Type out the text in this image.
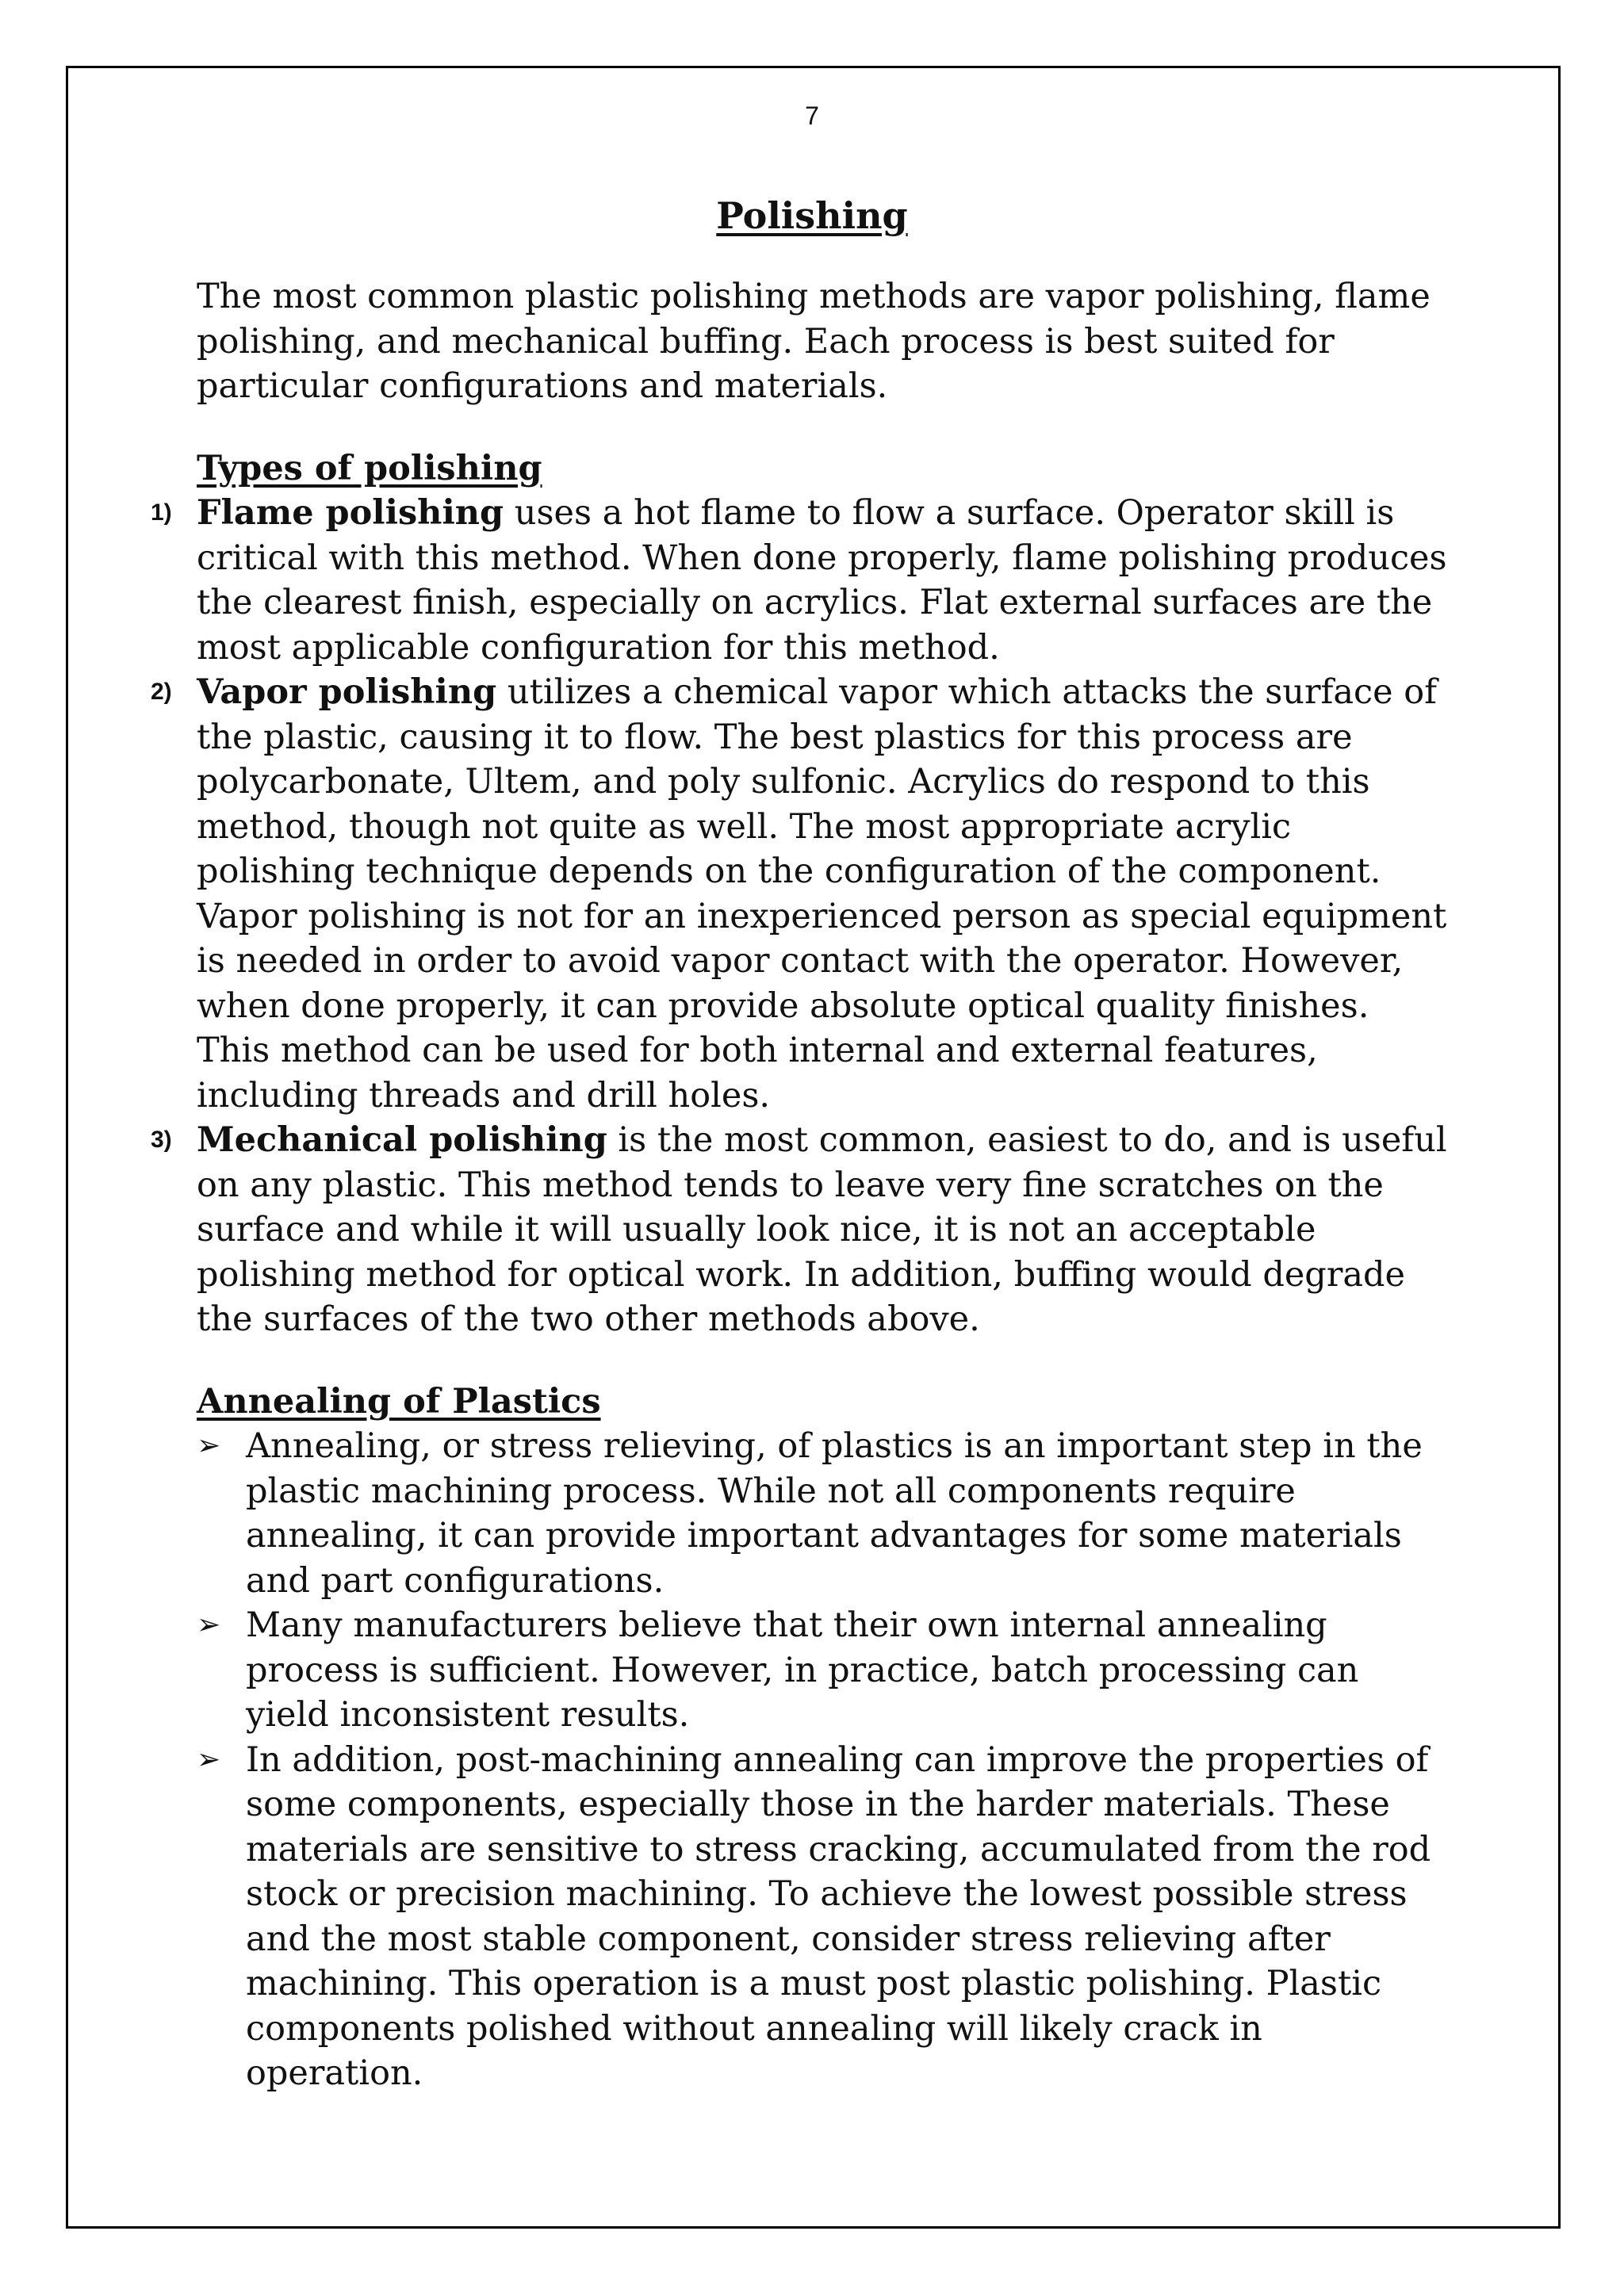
7
Polishing

The most common plastic polishing methods are vapor polishing, flame polishing, and mechanical buffing. Each process is best suited for particular configurations and materials.

Types of polishing

1) Flame polishing uses a hot flame to flow a surface. Operator skill is critical with this method. When done properly, flame polishing produces the clearest finish, especially on acrylics. Flat external surfaces are the most applicable configuration for this method.
2) Vapor polishing utilizes a chemical vapor which attacks the surface of the plastic, causing it to flow. The best plastics for this process are polycarbonate, Ultem, and poly sulfonic. Acrylics do respond to this method, though not quite as well. The most appropriate acrylic polishing technique depends on the configuration of the component. Vapor polishing is not for an inexperienced person as special equipment is needed in order to avoid vapor contact with the operator. However, when done properly, it can provide absolute optical quality finishes. This method can be used for both internal and external features, including threads and drill holes.
3) Mechanical polishing is the most common, easiest to do, and is useful on any plastic. This method tends to leave very fine scratches on the surface and while it will usually look nice, it is not an acceptable polishing method for optical work. In addition, buffing would degrade the surfaces of the two other methods above.

Annealing of Plastics

➢ Annealing, or stress relieving, of plastics is an important step in the plastic machining process. While not all components require annealing, it can provide important advantages for some materials and part configurations.
➢ Many manufacturers believe that their own internal annealing process is sufficient. However, in practice, batch processing can yield inconsistent results.
➢ In addition, post-machining annealing can improve the properties of some components, especially those in the harder materials. These materials are sensitive to stress cracking, accumulated from the rod stock or precision machining. To achieve the lowest possible stress and the most stable component, consider stress relieving after machining. This operation is a must post plastic polishing. Plastic components polished without annealing will likely crack in operation.
